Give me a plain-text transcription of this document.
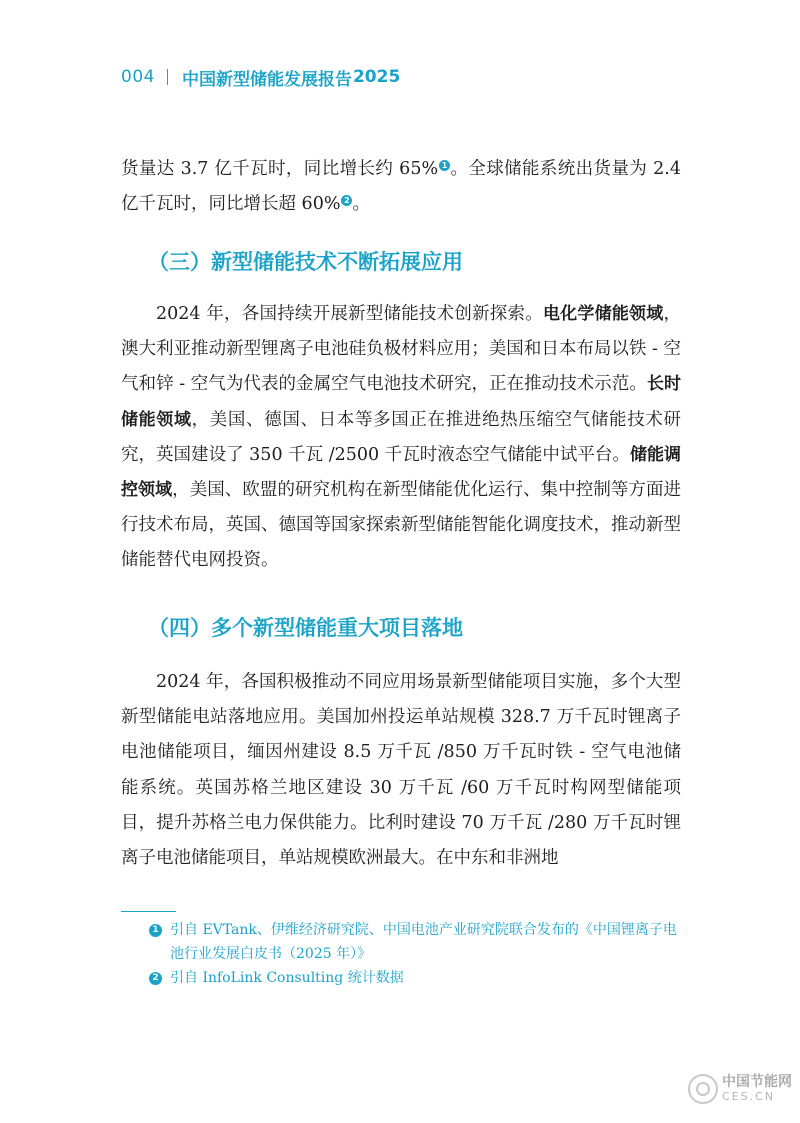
004 中国新型储能发展报告 2025

货量达 3.7 亿千瓦时，同比增长约 65% 1 。全球储能系统出货量为 2.4 亿千瓦时，同比增长超 60% 2 。

（三）新型储能技术不断拓展应用

2024 年，各国持续开展新型储能技术创新探索。电化学储能领域，澳大利亚推动新型锂离子电池硅负极材料应用；美国和日本布局以铁 - 空气和锌 - 空气为代表的金属空气电池技术研究，正在推动技术示范。长时储能领域，美国、德国、日本等多国正在推进绝热压缩空气储能技术研究，英国建设了 350 千瓦 /2500 千瓦时液态空气储能中试平台。储能调控领域，美国、欧盟的研究机构在新型储能优化运行、集中控制等方面进行技术布局，英国、德国等国家探索新型储能智能化调度技术，推动新型储能替代电网投资。

（四）多个新型储能重大项目落地

2024 年，各国积极推动不同应用场景新型储能项目实施，多个大型新型储能电站落地应用。美国加州投运单站规模 328.7 万千瓦时锂离子电池储能项目，缅因州建设 8.5 万千瓦 /850 万千瓦时铁 - 空气电池储能系统。英国苏格兰地区建设 30 万千瓦 /60 万千瓦时构网型储能项目，提升苏格兰电力保供能力。比利时建设 70 万千瓦 /280 万千瓦时锂离子电池储能项目，单站规模欧洲最大。在中东和非洲地

1 引自 EVTank、伊维经济研究院、中国电池产业研究院联合发布的《中国锂离子电池行业发展白皮书（2025 年）》
2 引自 InfoLink Consulting 统计数据
中国节能网
CES.CN
